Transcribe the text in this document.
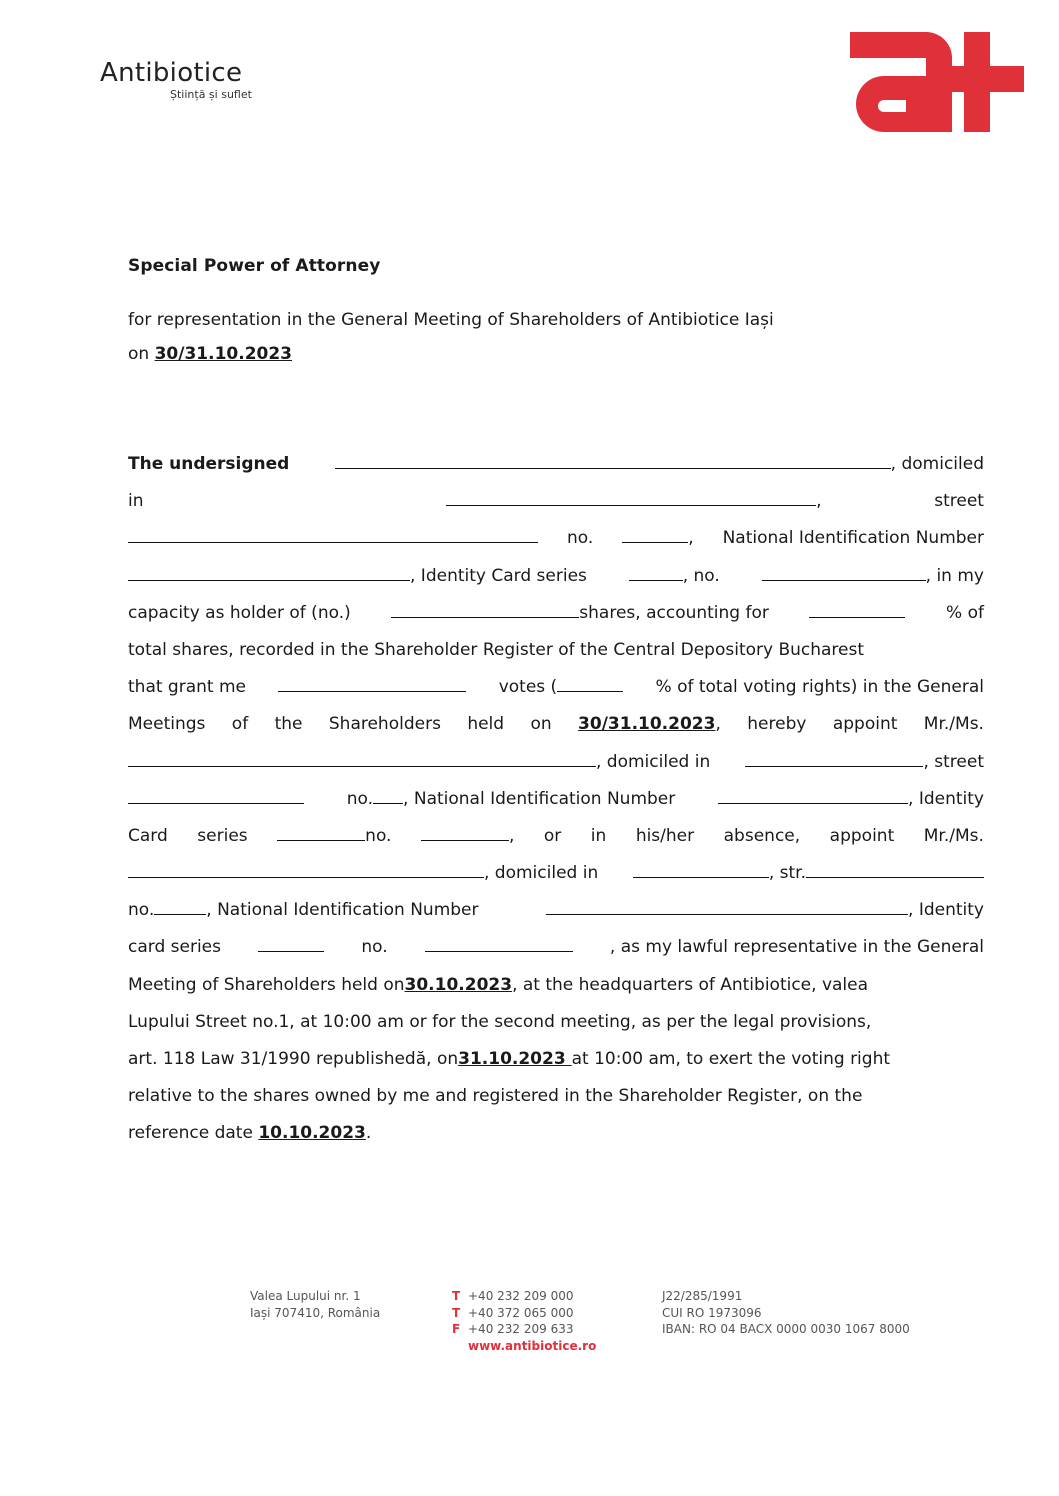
Antibiotice
Știință și suflet
Special Power of Attorney
for representation in the General Meeting of Shareholders of Antibiotice Iași
on 30/31.10.2023
The undersigned	, domiciled
in	,	street
no.	, National Identification Number
, Identity Card series	, no.	, in my
capacity as holder of (no.)	shares, accounting for	% of
total shares, recorded in the Shareholder Register of the Central Depository Bucharest
that grant me	votes (	% of total voting rights) in the General
Meetings of the Shareholders held on 30/31.10.2023, hereby appoint Mr./Ms.
, domiciled in	, street
no. , National Identification Number	, Identity
Card series	no.	, or in his/her absence, appoint Mr./Ms.
, domiciled in	, str.
no.	, National Identification Number	, Identity
card series	no.	, as my lawful representative in the General
Meeting of Shareholders held on 30.10.2023 , at the headquarters of Antibiotice, valea
Lupului Street no.1, at 10:00 am or for the second meeting, as per the legal provisions,
art. 118 Law 31/1990 republishedă, on 31.10.2023 at 10:00 am, to exert the voting right
relative to the shares owned by me and registered in the Shareholder Register, on the
reference date 10.10.2023 .
Valea Lupului nr. 1
Iași 707410, România
T +40 232 209 000
T +40 372 065 000
F +40 232 209 633
www.antibiotice.ro
J22/285/1991
CUI RO 1973096
IBAN: RO 04 BACX 0000 0030 1067 8000
